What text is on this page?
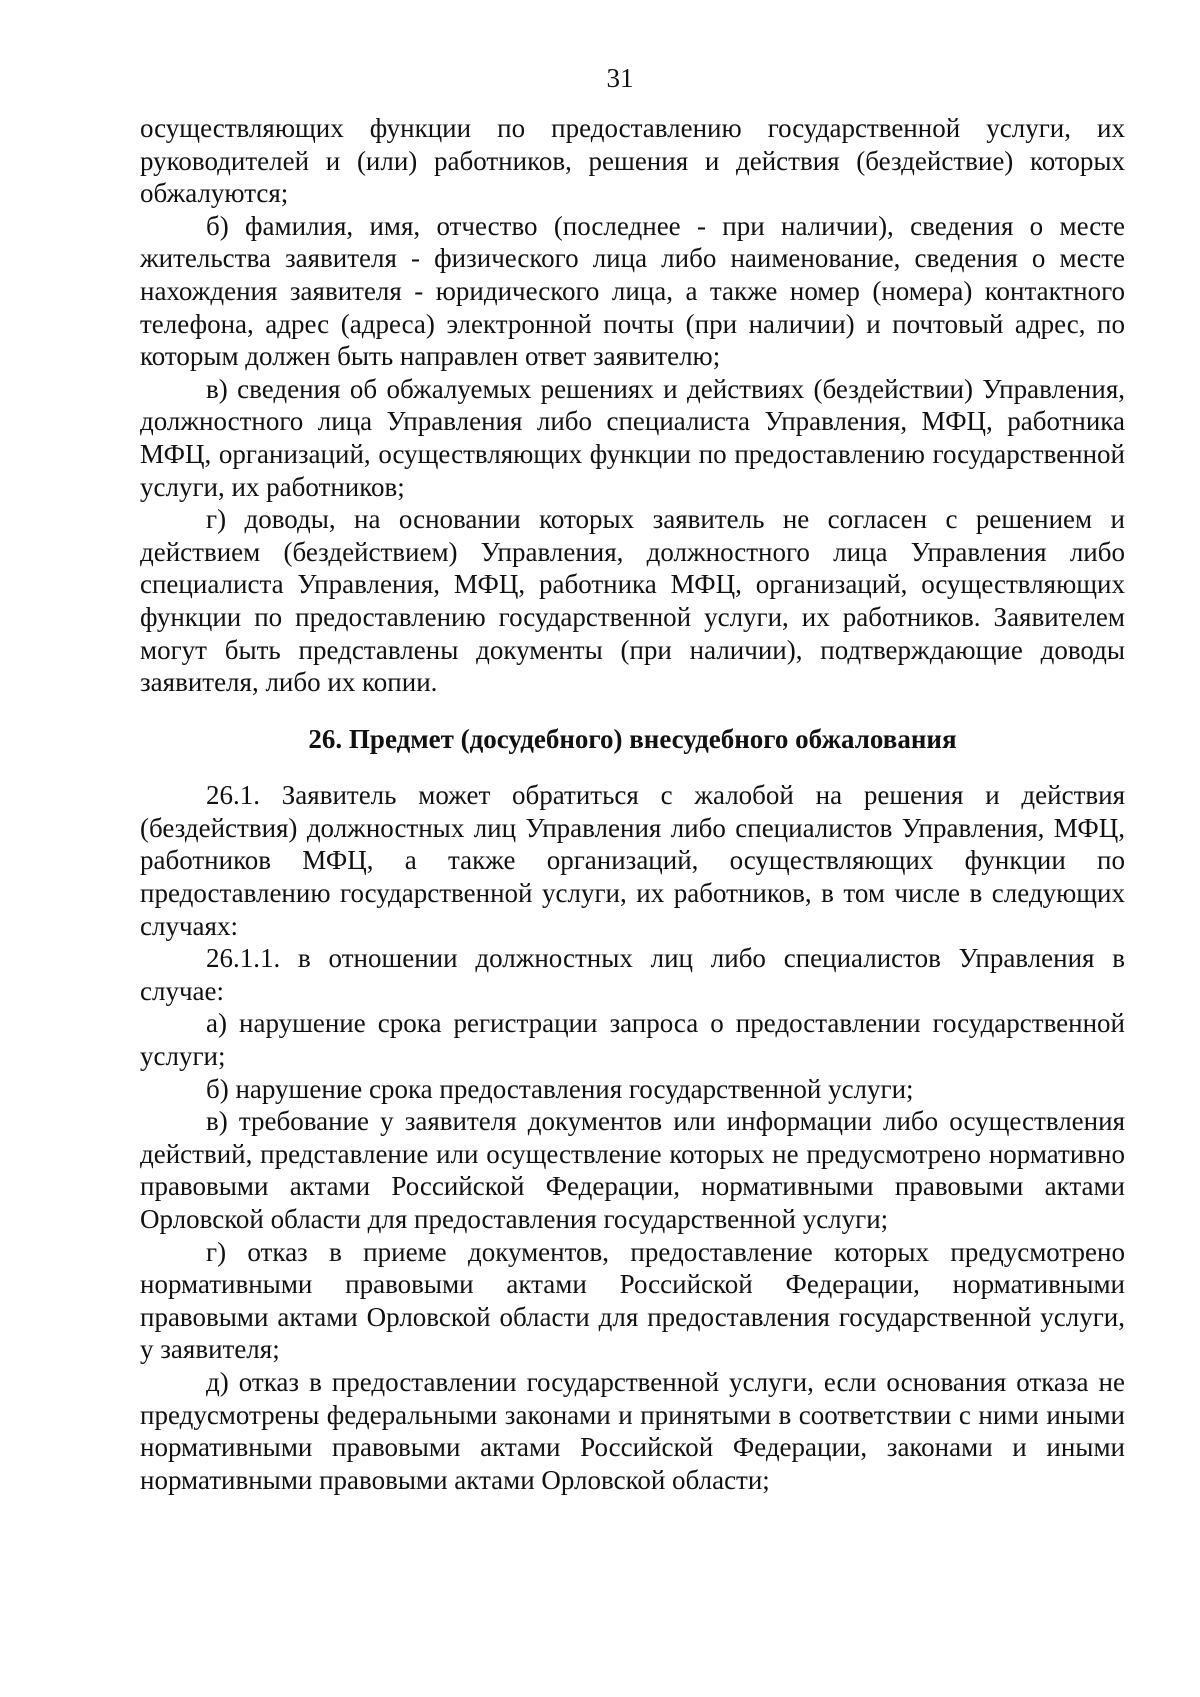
31

осуществляющих функции по предоставлению государственной услуги, их руководителей и (или) работников, решения и действия (бездействие) которых обжалуются;

б) фамилия, имя, отчество (последнее - при наличии), сведения о месте жительства заявителя - физического лица либо наименование, сведения о месте нахождения заявителя - юридического лица, а также номер (номера) контактного телефона, адрес (адреса) электронной почты (при наличии) и почтовый адрес, по которым должен быть направлен ответ заявителю;

в) сведения об обжалуемых решениях и действиях (бездействии) Управления, должностного лица Управления либо специалиста Управления, МФЦ, работника МФЦ, организаций, осуществляющих функции по предоставлению государственной услуги, их работников;

г) доводы, на основании которых заявитель не согласен с решением и действием (бездействием) Управления, должностного лица Управления либо специалиста Управления, МФЦ, работника МФЦ, организаций, осуществляющих функции по предоставлению государственной услуги, их работников. Заявителем могут быть представлены документы (при наличии), подтверждающие доводы заявителя, либо их копии.

26. Предмет (досудебного) внесудебного обжалования

26.1. Заявитель может обратиться с жалобой на решения и действия (бездействия) должностных лиц Управления либо специалистов Управления, МФЦ, работников МФЦ, а также организаций, осуществляющих функции по предоставлению государственной услуги, их работников, в том числе в следующих случаях:

26.1.1. в отношении должностных лиц либо специалистов Управления в случае:

а) нарушение срока регистрации запроса о предоставлении государственной услуги;

б) нарушение срока предоставления государственной услуги;

в) требование у заявителя документов или информации либо осуществления действий, представление или осуществление которых не предусмотрено нормативно правовыми актами Российской Федерации, нормативными правовыми актами Орловской области для предоставления государственной услуги;

г) отказ в приеме документов, предоставление которых предусмотрено нормативными правовыми актами Российской Федерации, нормативными правовыми актами Орловской области для предоставления государственной услуги, у заявителя;

д) отказ в предоставлении государственной услуги, если основания отказа не предусмотрены федеральными законами и принятыми в соответствии с ними иными нормативными правовыми актами Российской Федерации, законами и иными нормативными правовыми актами Орловской области;
